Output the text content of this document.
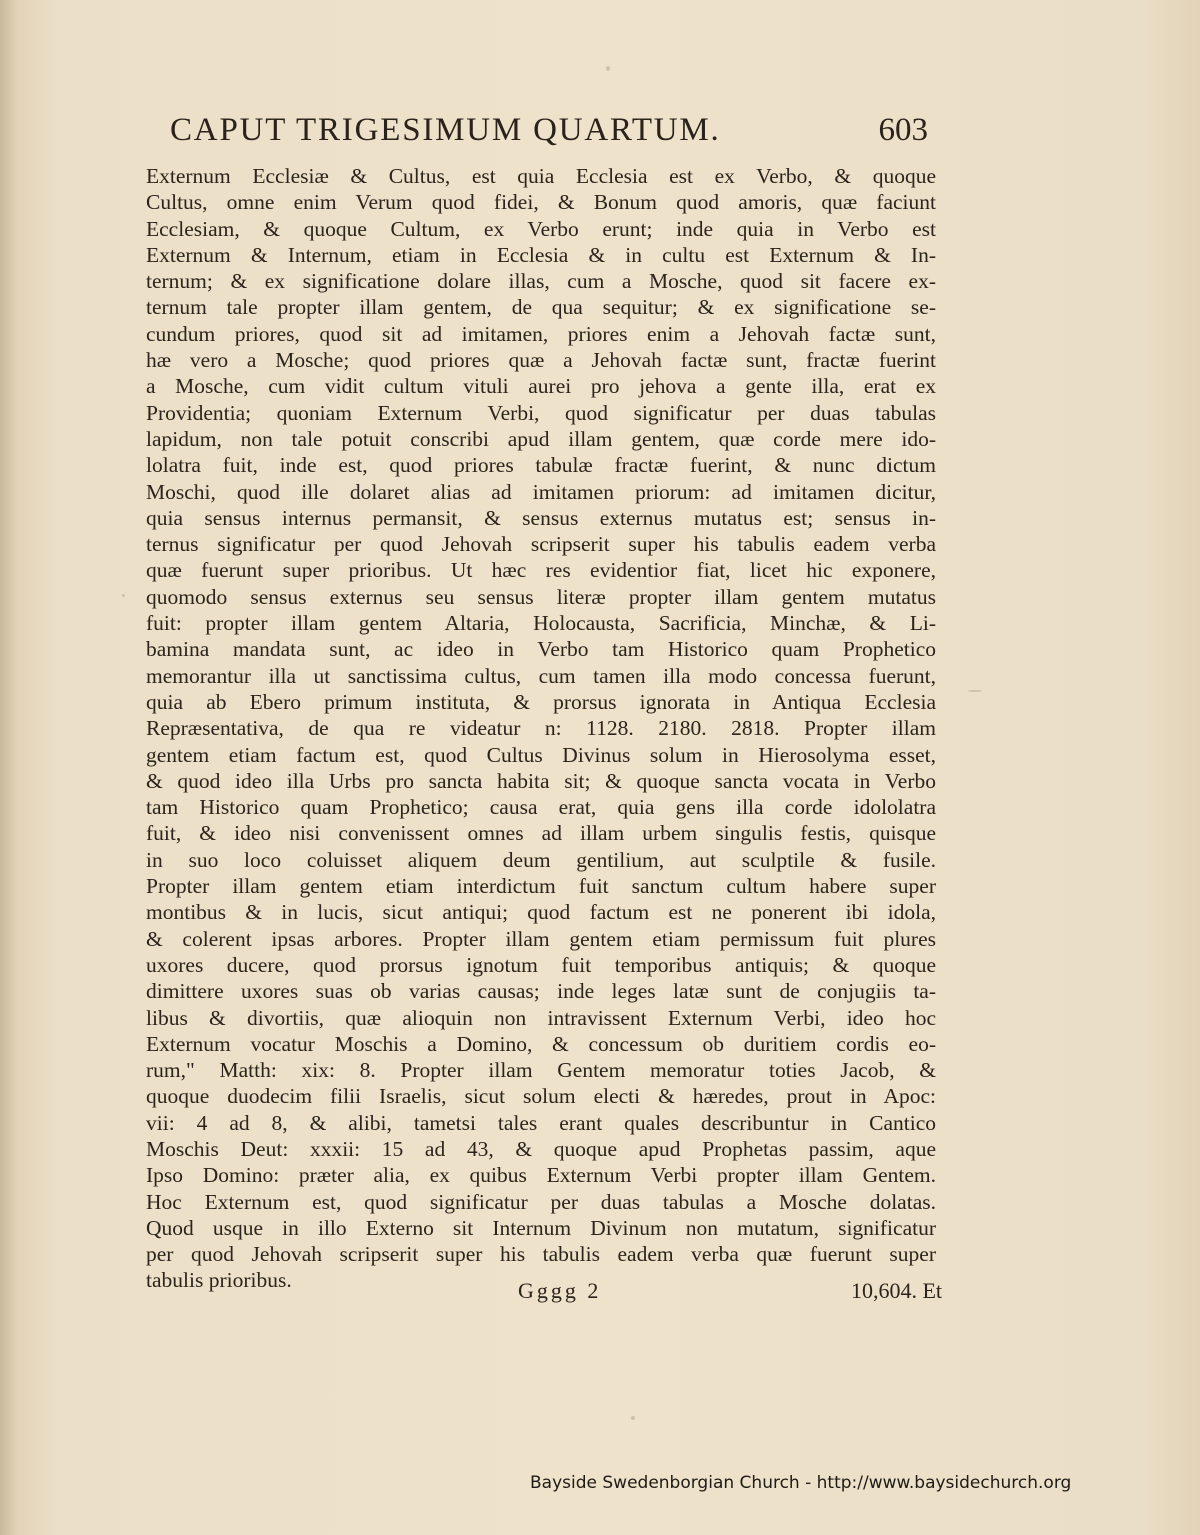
CAPUT TRIGESIMUM QUARTUM.	603
Externum Ecclesiæ & Cultus, est quia Ecclesia est ex Verbo, & quoque
Cultus, omne enim Verum quod fidei, & Bonum quod amoris, quæ faciunt
Ecclesiam, & quoque Cultum, ex Verbo erunt; inde quia in Verbo est
Externum & Internum, etiam in Ecclesia & in cultu est Externum & In-
ternum; & ex significatione dolare illas, cum a Mosche, quod sit facere ex-
ternum tale propter illam gentem, de qua sequitur; & ex significatione se-
cundum priores, quod sit ad imitamen, priores enim a Jehovah factæ sunt,
hæ vero a Mosche; quod priores quæ a Jehovah factæ sunt, fractæ fuerint
a Mosche, cum vidit cultum vituli aurei pro jehova a gente illa, erat ex
Providentia; quoniam Externum Verbi, quod significatur per duas tabulas
lapidum, non tale potuit conscribi apud illam gentem, quæ corde mere ido-
lolatra fuit, inde est, quod priores tabulæ fractæ fuerint, & nunc dictum
Moschi, quod ille dolaret alias ad imitamen priorum: ad imitamen dicitur,
quia sensus internus permansit, & sensus externus mutatus est; sensus in-
ternus significatur per quod Jehovah scripserit super his tabulis eadem verba
quæ fuerunt super prioribus. Ut hæc res evidentior fiat, licet hic exponere,
quomodo sensus externus seu sensus literæ propter illam gentem mutatus
fuit: propter illam gentem Altaria, Holocausta, Sacrificia, Minchæ, & Li-
bamina mandata sunt, ac ideo in Verbo tam Historico quam Prophetico
memorantur illa ut sanctissima cultus, cum tamen illa modo concessa fuerunt,
quia ab Ebero primum instituta, & prorsus ignorata in Antiqua Ecclesia
Repræsentativa, de qua re videatur n: 1128. 2180. 2818. Propter illam
gentem etiam factum est, quod Cultus Divinus solum in Hierosolyma esset,
& quod ideo illa Urbs pro sancta habita sit; & quoque sancta vocata in Verbo
tam Historico quam Prophetico; causa erat, quia gens illa corde idololatra
fuit, & ideo nisi convenissent omnes ad illam urbem singulis festis, quisque
in suo loco coluisset aliquem deum gentilium, aut sculptile & fusile.
Propter illam gentem etiam interdictum fuit sanctum cultum habere super
montibus & in lucis, sicut antiqui; quod factum est ne ponerent ibi idola,
& colerent ipsas arbores. Propter illam gentem etiam permissum fuit plures
uxores ducere, quod prorsus ignotum fuit temporibus antiquis; & quoque
dimittere uxores suas ob varias causas; inde leges latæ sunt de conjugiis ta-
libus & divortiis, quæ alioquin non intravissent Externum Verbi, ideo hoc
Externum vocatur Moschis a Domino, & concessum ob duritiem cordis eo-
rum," Matth: xix: 8. Propter illam Gentem memoratur toties Jacob, &
quoque duodecim filii Israelis, sicut solum electi & hæredes, prout in Apoc:
vii: 4 ad 8, & alibi, tametsi tales erant quales describuntur in Cantico
Moschis Deut: xxxii: 15 ad 43, & quoque apud Prophetas passim, aque
Ipso Domino: præter alia, ex quibus Externum Verbi propter illam Gentem.
Hoc Externum est, quod significatur per duas tabulas a Mosche dolatas.
Quod usque in illo Externo sit Internum Divinum non mutatum, significatur
per quod Jehovah scripserit super his tabulis eadem verba quæ fuerunt super
tabulis prioribus.	Gggg 2	10,604. Et
Bayside Swedenborgian Church - http://www.baysidechurch.org
